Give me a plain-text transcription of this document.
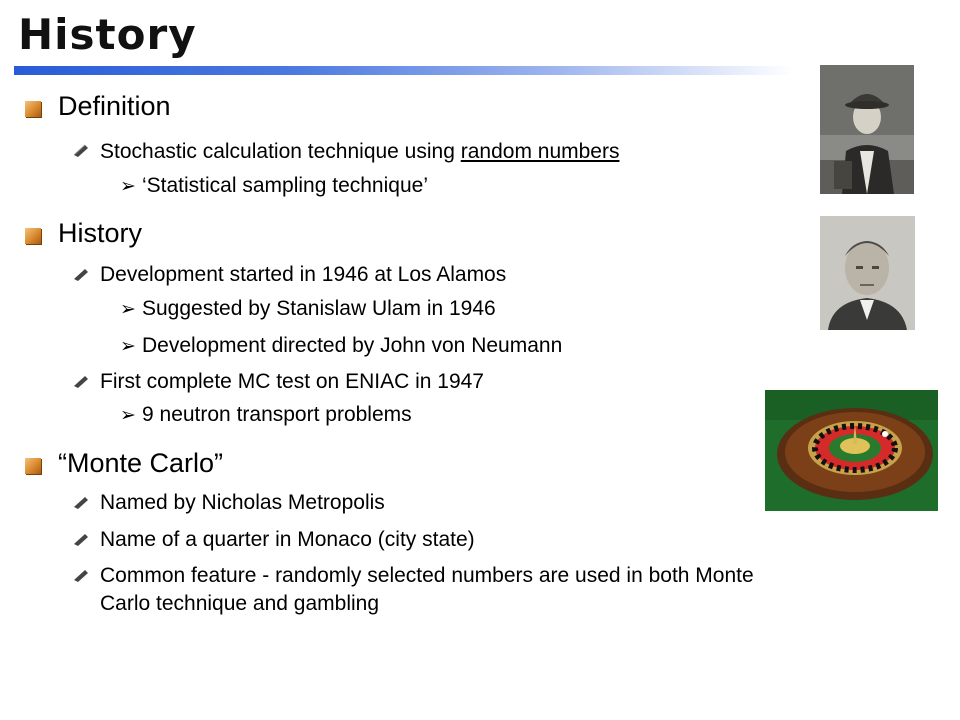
History
Definition
Stochastic calculation technique using random numbers
➢ ‘Statistical sampling technique’
History
Development started in 1946 at Los Alamos
➢ Suggested by Stanislaw Ulam in 1946
➢ Development directed by John von Neumann
First complete MC test on ENIAC in 1947
➢ 9 neutron transport problems
“Monte Carlo”
Named by Nicholas Metropolis
Name of a quarter in Monaco (city state)
Common feature - randomly selected numbers are used in both Monte
Carlo technique and gambling
